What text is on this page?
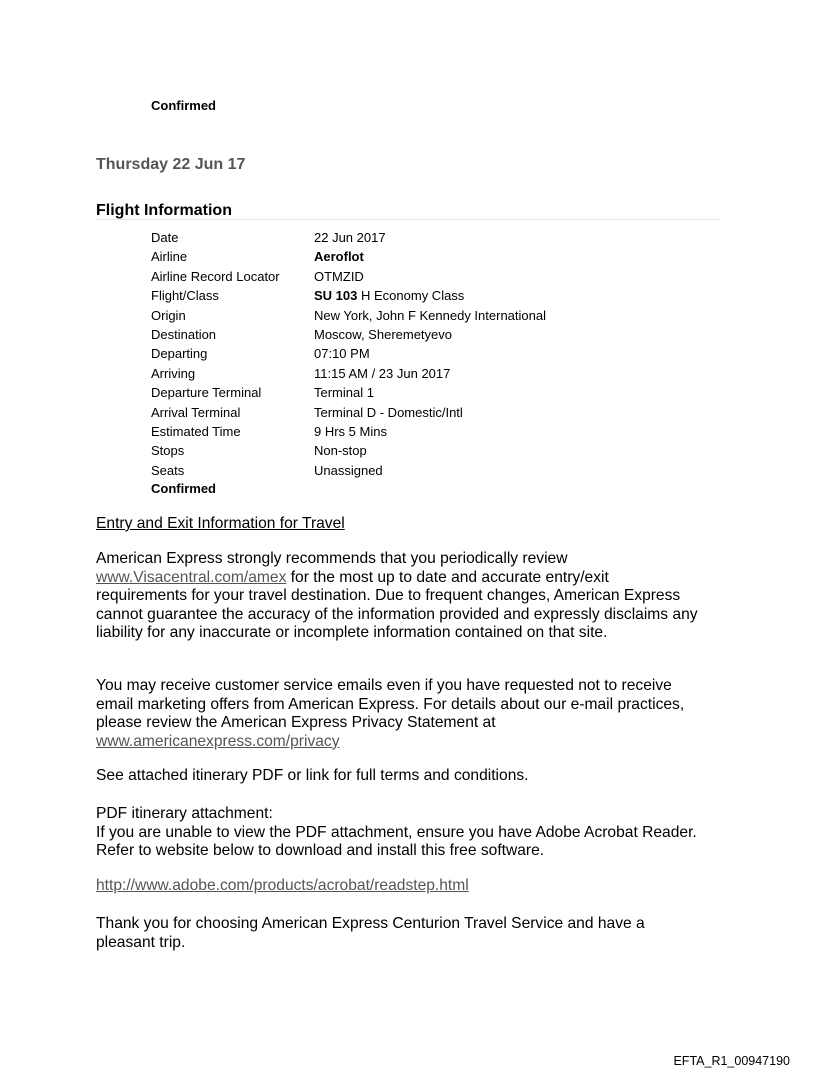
Confirmed
Thursday 22 Jun 17
Flight Information
Date	22 Jun 2017
Airline	Aeroflot
Airline Record Locator	OTMZID
Flight/Class	SU 103 H Economy Class
Origin	New York, John F Kennedy International
Destination	Moscow, Sheremetyevo
Departing	07:10 PM
Arriving	11:15 AM / 23 Jun 2017
Departure Terminal	Terminal 1
Arrival Terminal	Terminal D - Domestic/Intl
Estimated Time	9 Hrs 5 Mins
Stops	Non-stop
Seats	Unassigned
Confirmed
Entry and Exit Information for Travel
American Express strongly recommends that you periodically review
www.Visacentral.com/amex for the most up to date and accurate entry/exit
requirements for your travel destination. Due to frequent changes, American Express
cannot guarantee the accuracy of the information provided and expressly disclaims any
liability for any inaccurate or incomplete information contained on that site.
You may receive customer service emails even if you have requested not to receive
email marketing offers from American Express. For details about our e-mail practices,
please review the American Express Privacy Statement at
www.americanexpress.com/privacy
See attached itinerary PDF or link for full terms and conditions.
PDF itinerary attachment:
If you are unable to view the PDF attachment, ensure you have Adobe Acrobat Reader.
Refer to website below to download and install this free software.
http://www.adobe.com/products/acrobat/readstep.html
Thank you for choosing American Express Centurion Travel Service and have a
pleasant trip.
EFTA_R1_00947190
